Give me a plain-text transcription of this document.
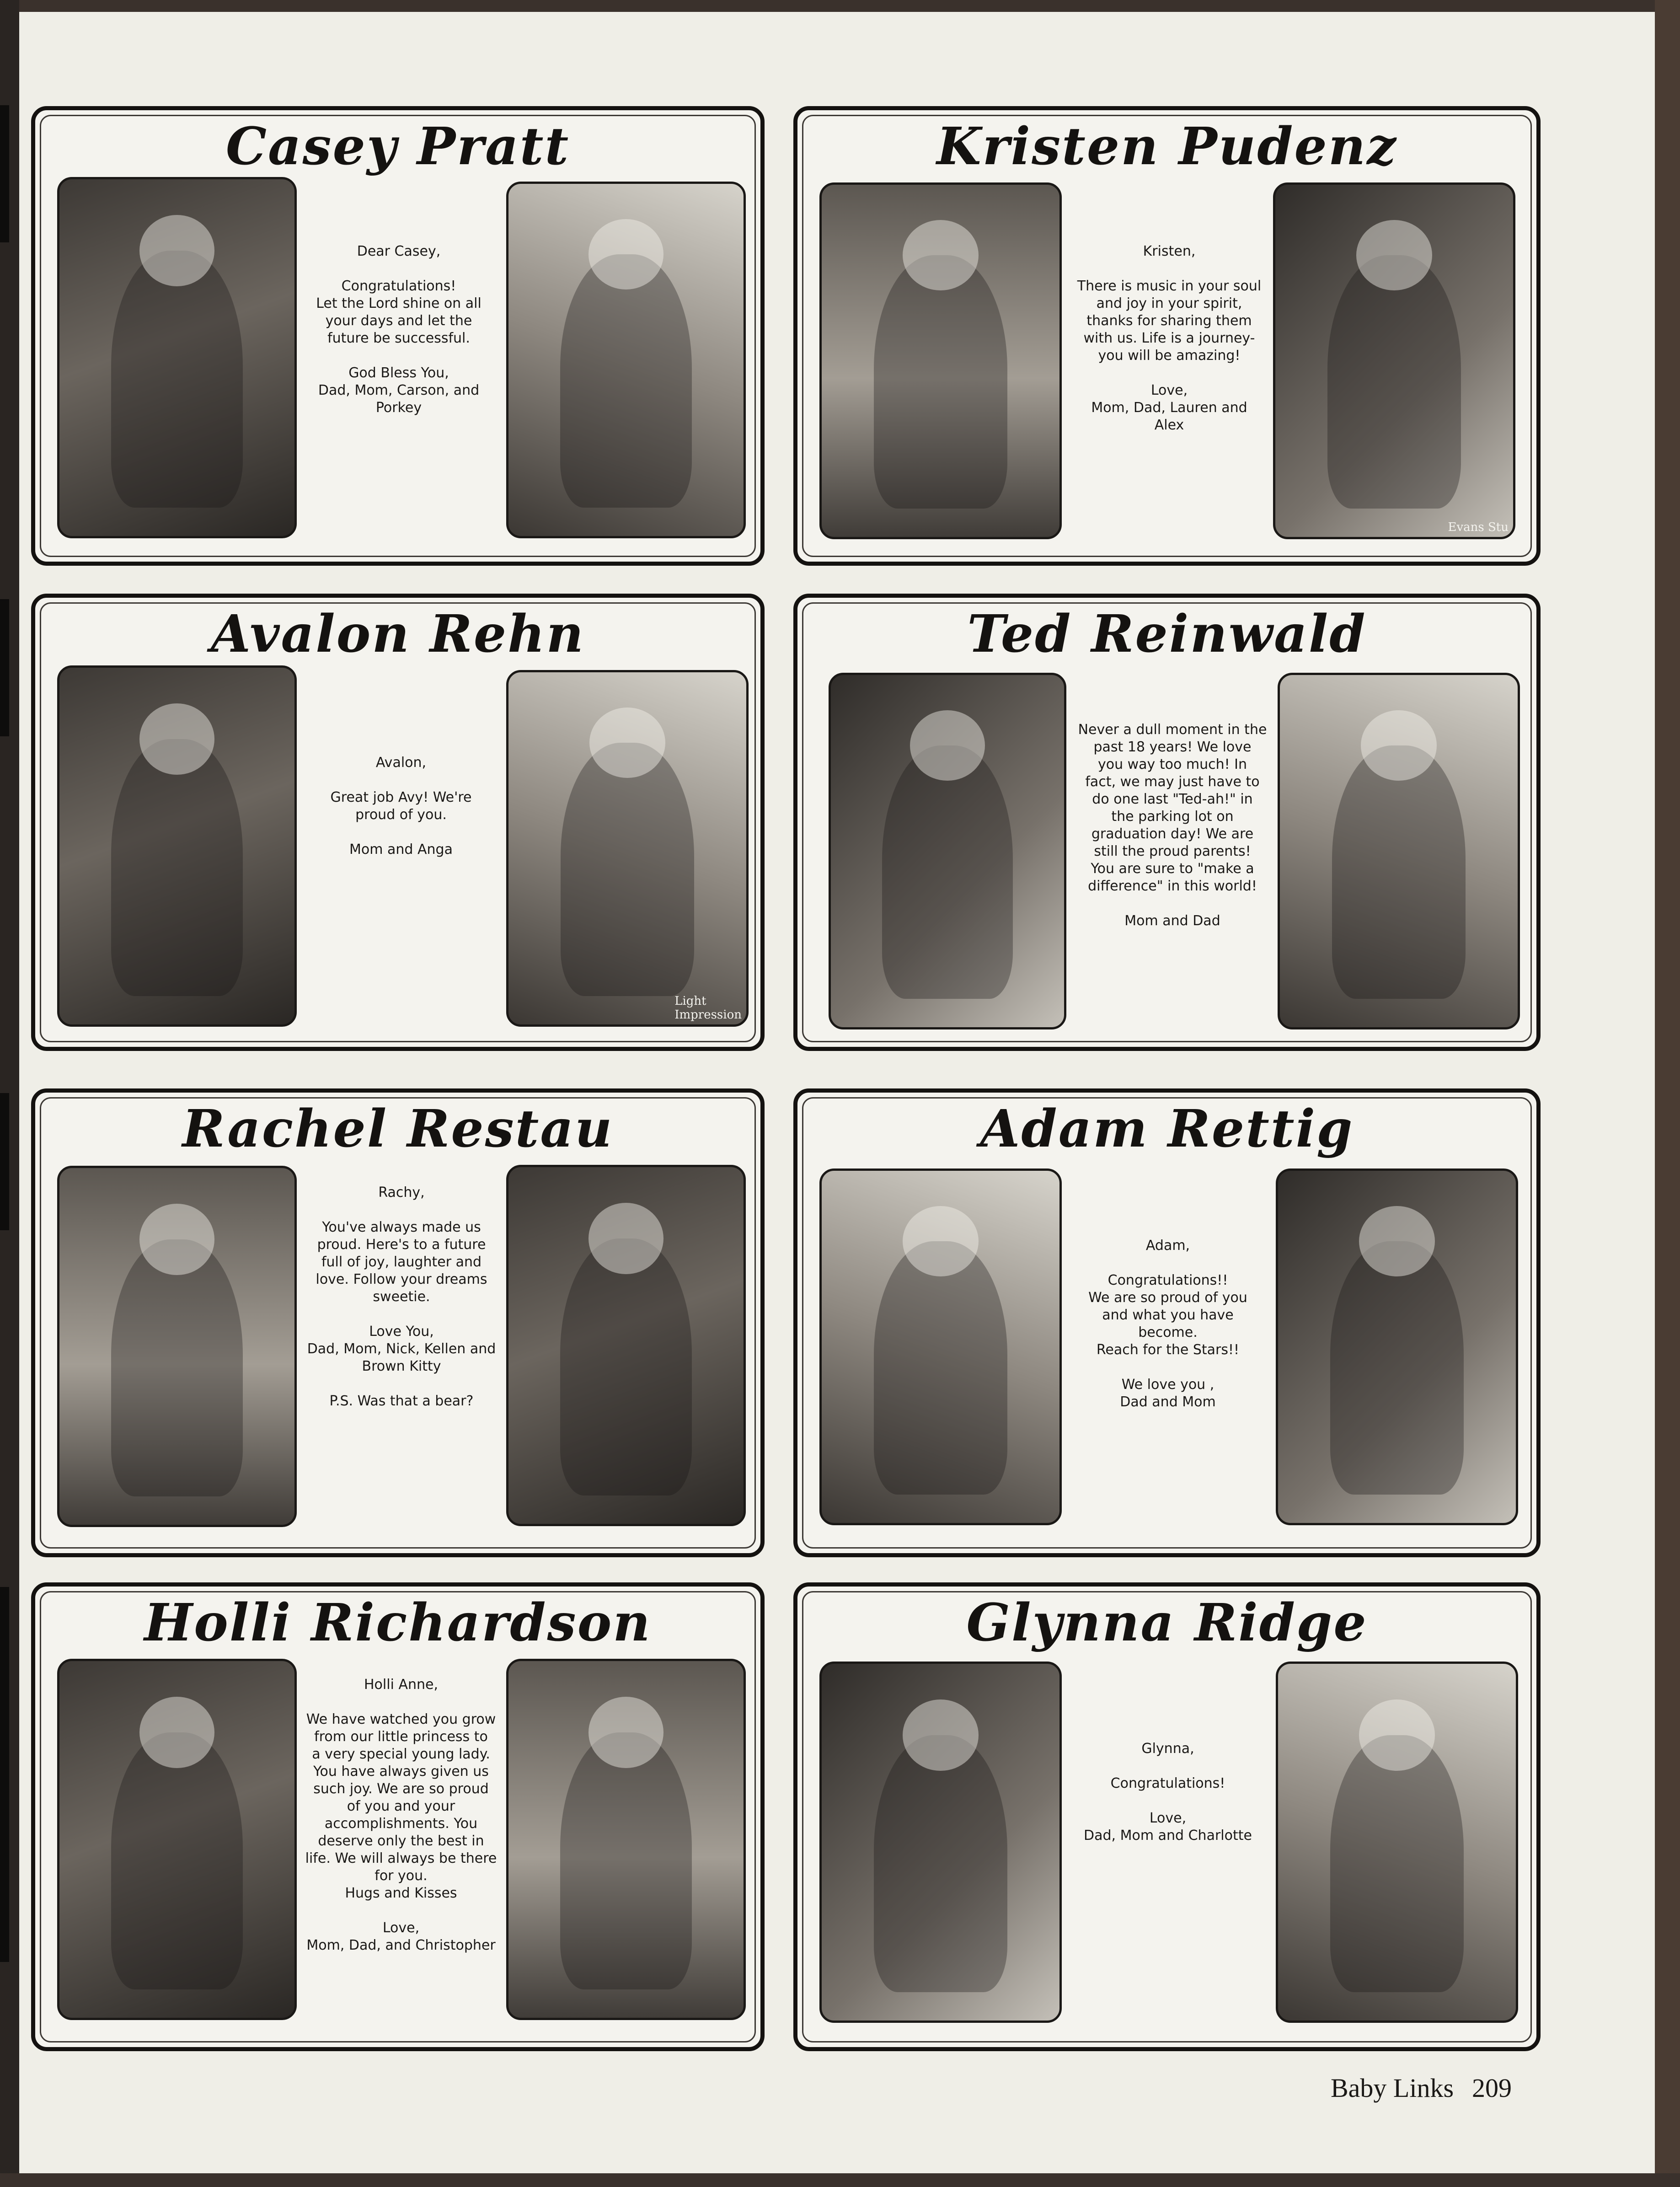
Casey Pratt
Dear Casey,

Congratulations!
Let the Lord shine on all
your days and let the
future be successful.

God Bless You,
Dad, Mom, Carson, and
Porkey
Kristen Pudenz
Kristen,

There is music in your soul
and joy in your spirit,
thanks for sharing them
with us. Life is a journey-
you will be amazing!

Love,
Mom, Dad, Lauren and
Alex
Evans Stu
Avalon Rehn
Avalon,

Great job Avy! We're
proud of you.

Mom and Anga
Light
Impression
Ted Reinwald
Never a dull moment in the
past 18 years! We love
you way too much! In
fact, we may just have to
do one last "Ted-ah!" in
the parking lot on
graduation day! We are
still the proud parents!
You are sure to "make a
difference" in this world!

Mom and Dad
Rachel Restau
Rachy,

You've always made us
proud. Here's to a future
full of joy, laughter and
love. Follow your dreams
sweetie.

Love You,
Dad, Mom, Nick, Kellen and
Brown Kitty

P.S. Was that a bear?
Adam Rettig
Adam,

Congratulations!!
We are so proud of you
and what you have
become.
Reach for the Stars!!

We love you ,
Dad and Mom
Holli Richardson
Holli Anne,

We have watched you grow
from our little princess to
a very special young lady.
You have always given us
such joy. We are so proud
of you and your
accomplishments. You
deserve only the best in
life. We will always be there
for you.
Hugs and Kisses

Love,
Mom, Dad, and Christopher
Glynna Ridge
Glynna,

Congratulations!

Love,
Dad, Mom and Charlotte
Baby Links 209
